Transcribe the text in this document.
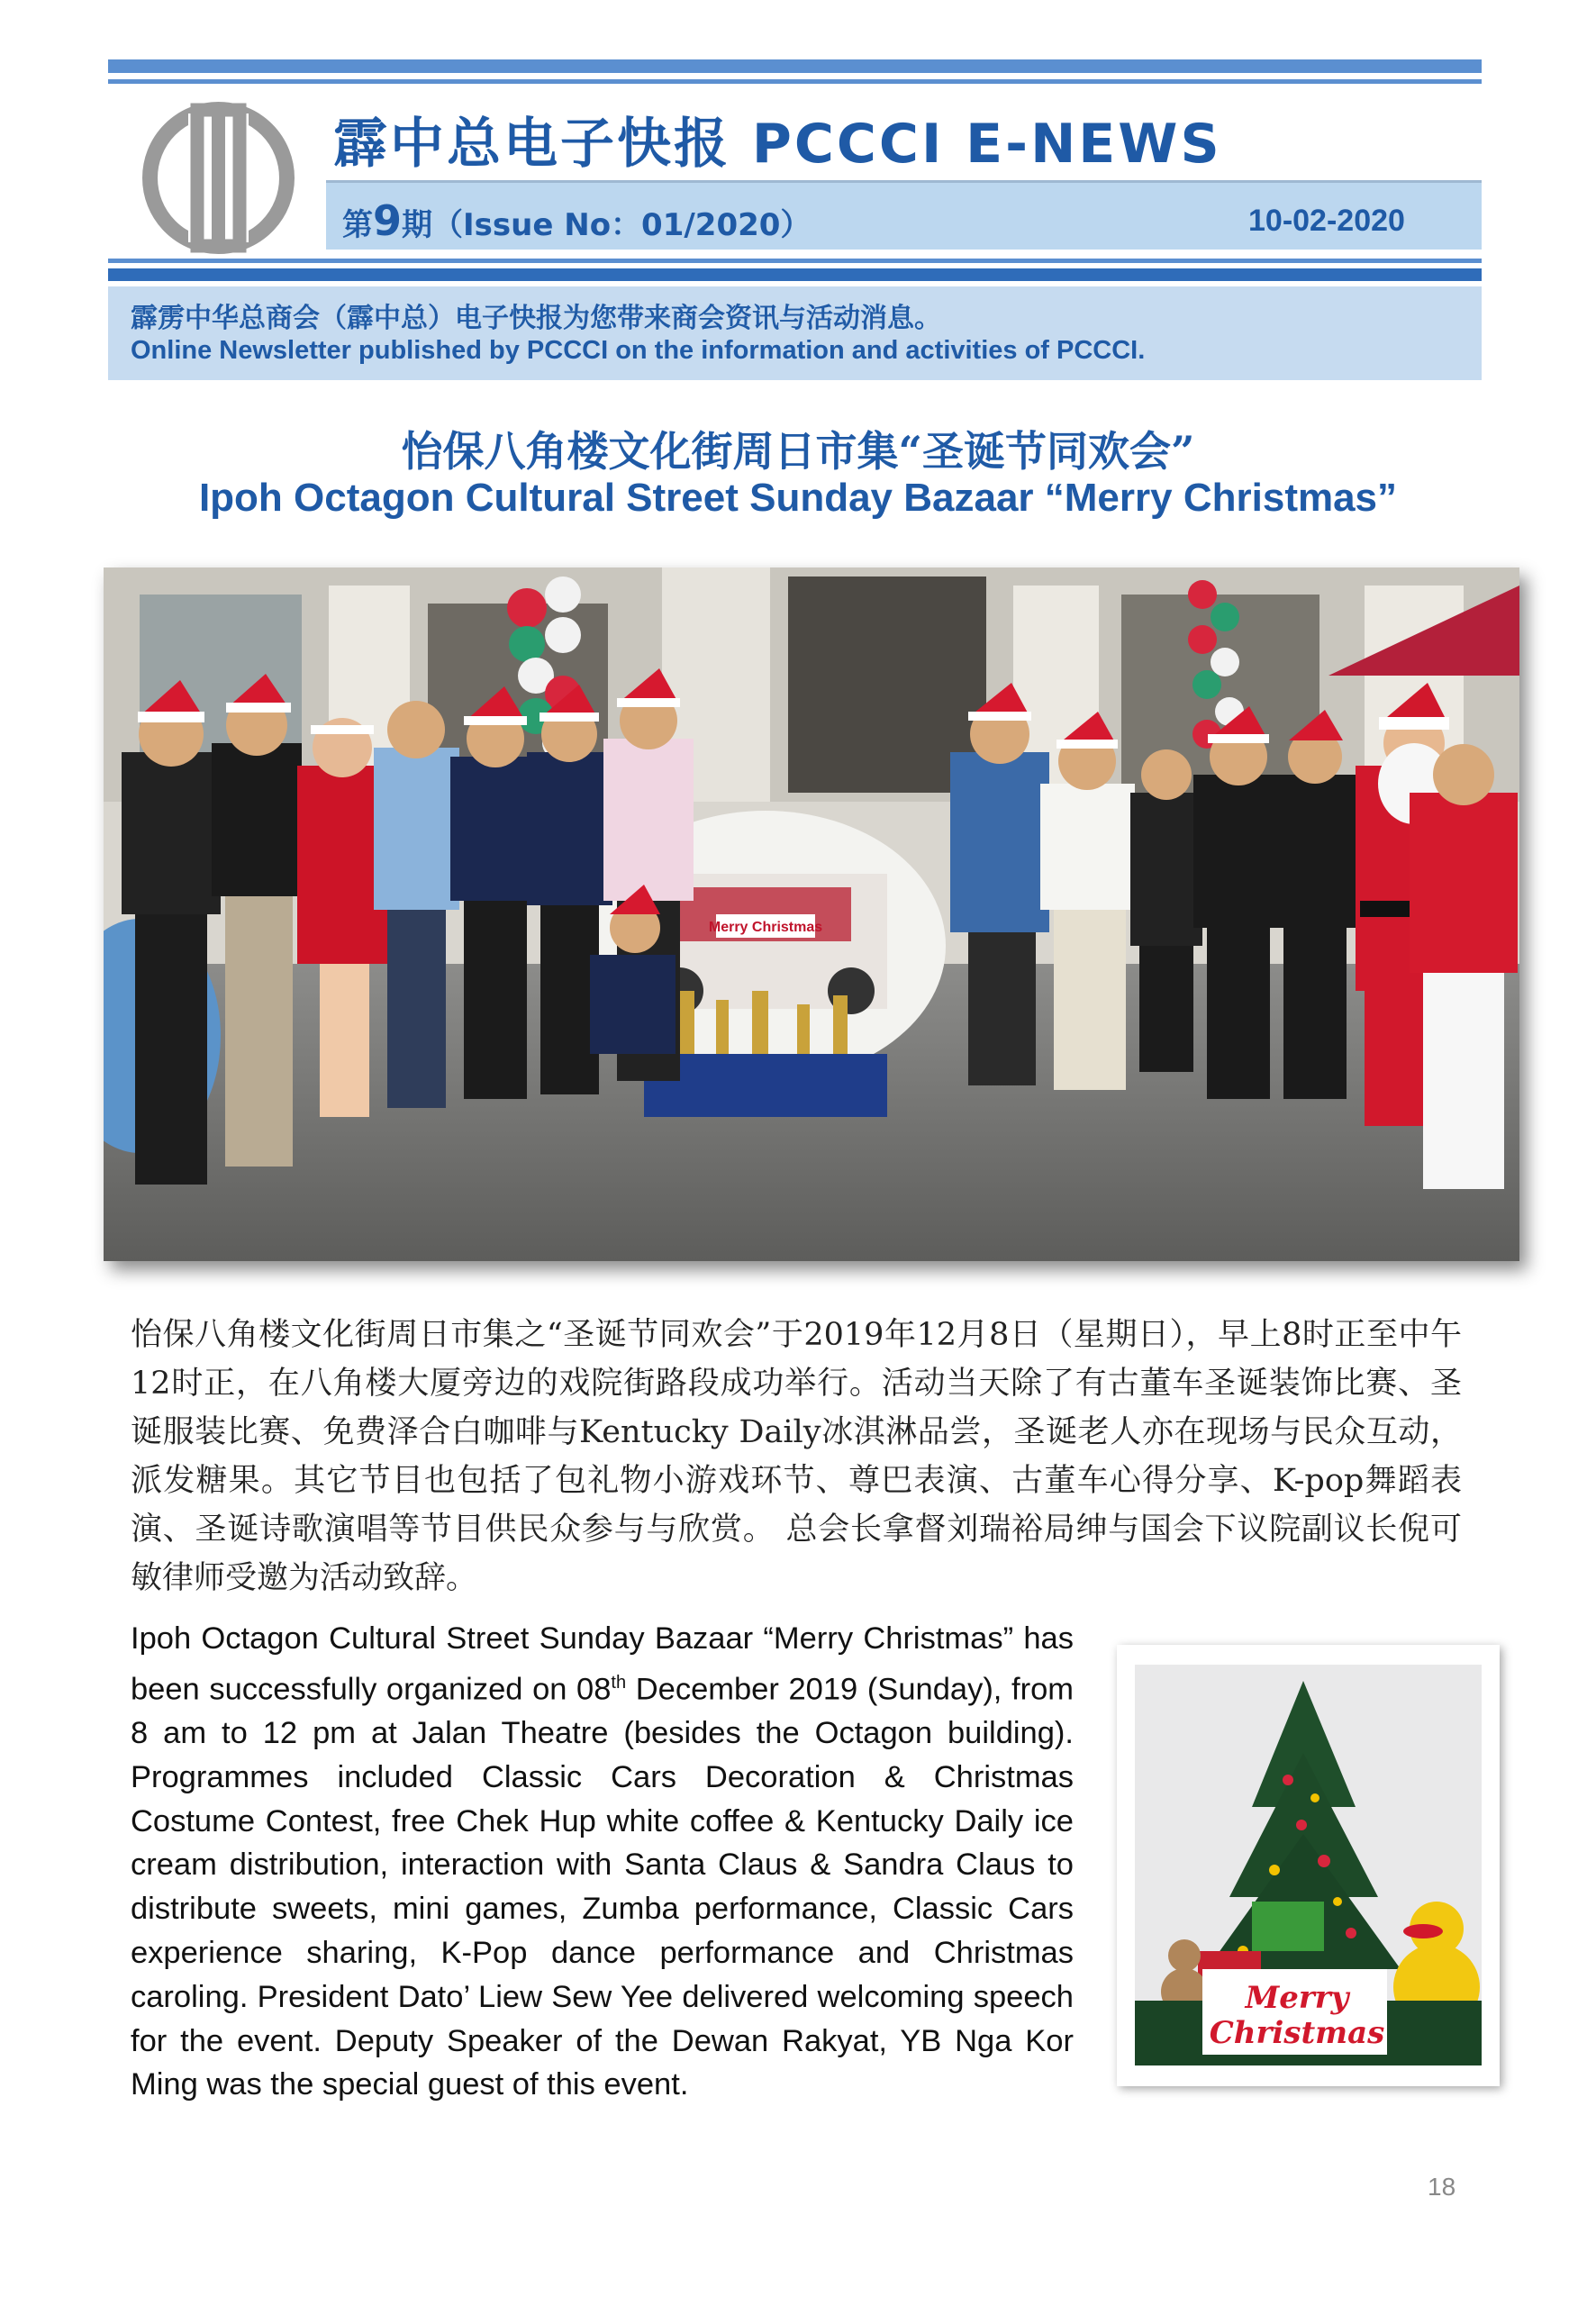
霹中总电子快报 PCCCI E-NEWS
第9期（Issue No：01/2020）	10-02-2020
霹雳中华总商会（霹中总）电子快报为您带来商会资讯与活动消息。
Online Newsletter published by PCCCI on the information and activities of PCCCI.
怡保八角楼文化街周日市集“圣诞节同欢会”
Ipoh Octagon Cultural Street Sunday Bazaar “Merry Christmas”
Merry Christmas
怡保八角楼文化街周日市集之“圣诞节同欢会”于2019年12月8日（星期日），早上8时正至中午12时正，在八角楼大厦旁边的戏院街路段成功举行。活动当天除了有古董车圣诞装饰比赛、圣诞服装比赛、免费泽合白咖啡与Kentucky Daily冰淇淋品尝，圣诞老人亦在现场与民众互动，派发糖果。其它节目也包括了包礼物小游戏环节、尊巴表演、古董车心得分享、K-pop舞蹈表演、圣诞诗歌演唱等节目供民众参与与欣赏。 总会长拿督刘瑞裕局绅与国会下议院副议长倪可敏律师受邀为活动致辞。
Ipoh Octagon Cultural Street Sunday Bazaar “Merry Christmas” has been successfully organized on 08th December 2019 (Sunday), from 8 am to 12 pm at Jalan Theatre (besides the Octagon building). Programmes included Classic Cars Decoration & Christmas Costume Contest, free Chek Hup white coffee & Kentucky Daily ice cream distribution, interaction with Santa Claus & Sandra Claus to distribute sweets, mini games, Zumba performance, Classic Cars experience sharing, K-Pop dance performance and Christmas caroling. President Dato’ Liew Sew Yee delivered welcoming speech for the event. Deputy Speaker of the Dewan Rakyat, YB Nga Kor Ming was the special guest of this event.
Merry
Christmas
18
